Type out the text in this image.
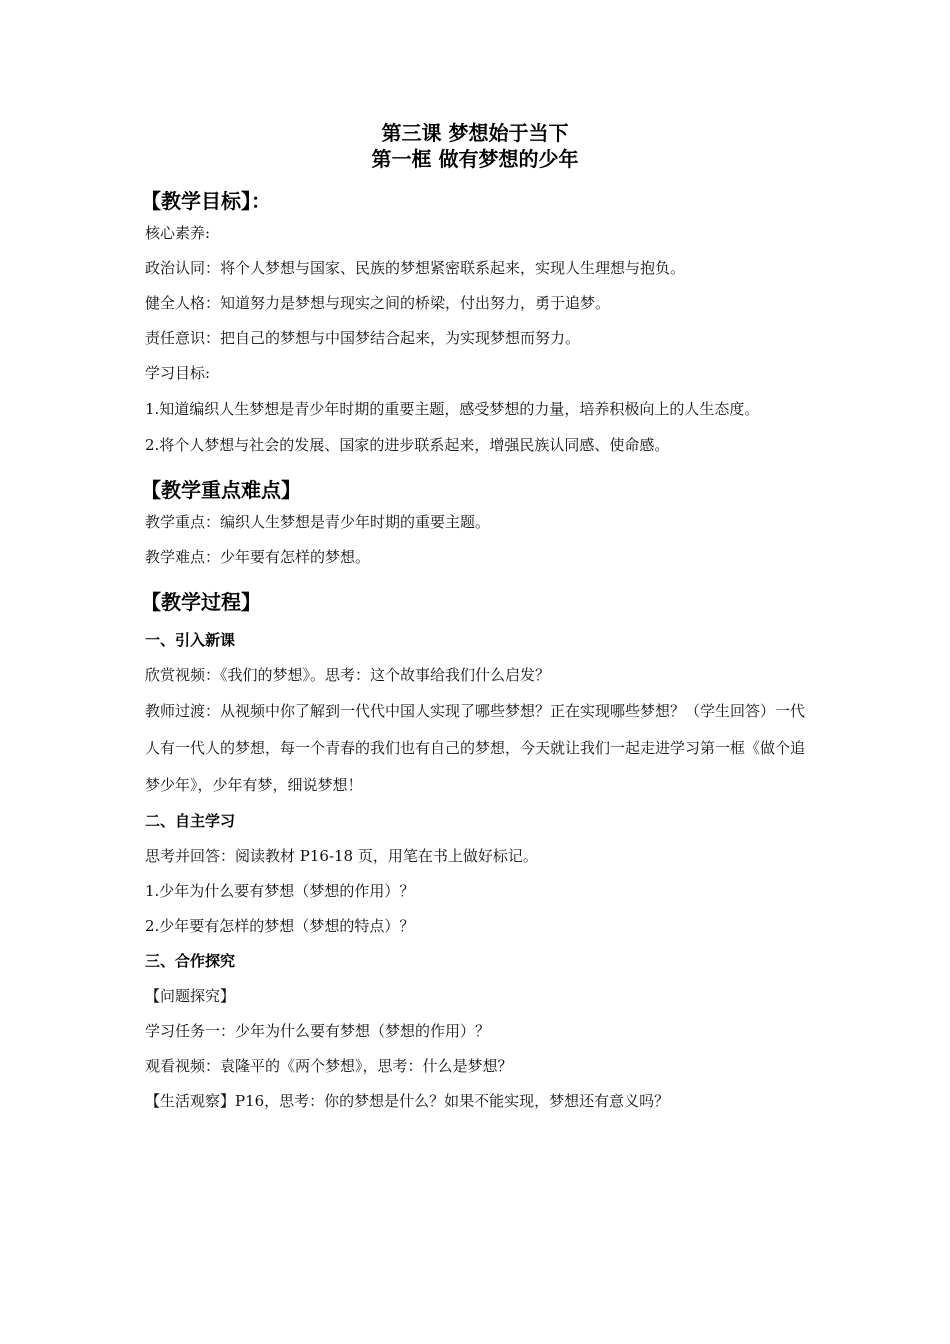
第三课 梦想始于当下
第一框 做有梦想的少年
【教学目标】：
核心素养:
政治认同：将个人梦想与国家、民族的梦想紧密联系起来，实现人生理想与抱负。
健全人格：知道努力是梦想与现实之间的桥梁，付出努力，勇于追梦。
责任意识：把自己的梦想与中国梦结合起来，为实现梦想而努力。
学习目标:
1.知道编织人生梦想是青少年时期的重要主题，感受梦想的力量，培养积极向上的人生态度。
2.将个人梦想与社会的发展、国家的进步联系起来，增强民族认同感、使命感。
【教学重点难点】
教学重点：编织人生梦想是青少年时期的重要主题。
教学难点：少年要有怎样的梦想。
【教学过程】
一、引入新课
欣赏视频：《我们的梦想》。思考：这个故事给我们什么启发？
教师过渡：从视频中你了解到一代代中国人实现了哪些梦想？正在实现哪些梦想？（学生回答）一代人有一代人的梦想，每一个青春的我们也有自己的梦想，今天就让我们一起走进学习第一框《做个追梦少年》，少年有梦，细说梦想！
二、自主学习
思考并回答：阅读教材 P16-18 页，用笔在书上做好标记。
1.少年为什么要有梦想（梦想的作用）？
2.少年要有怎样的梦想（梦想的特点）？
三、合作探究
【问题探究】
学习任务一：少年为什么要有梦想（梦想的作用）？
观看视频：袁隆平的《两个梦想》，思考：什么是梦想？
【生活观察】P16，思考：你的梦想是什么？如果不能实现，梦想还有意义吗？
